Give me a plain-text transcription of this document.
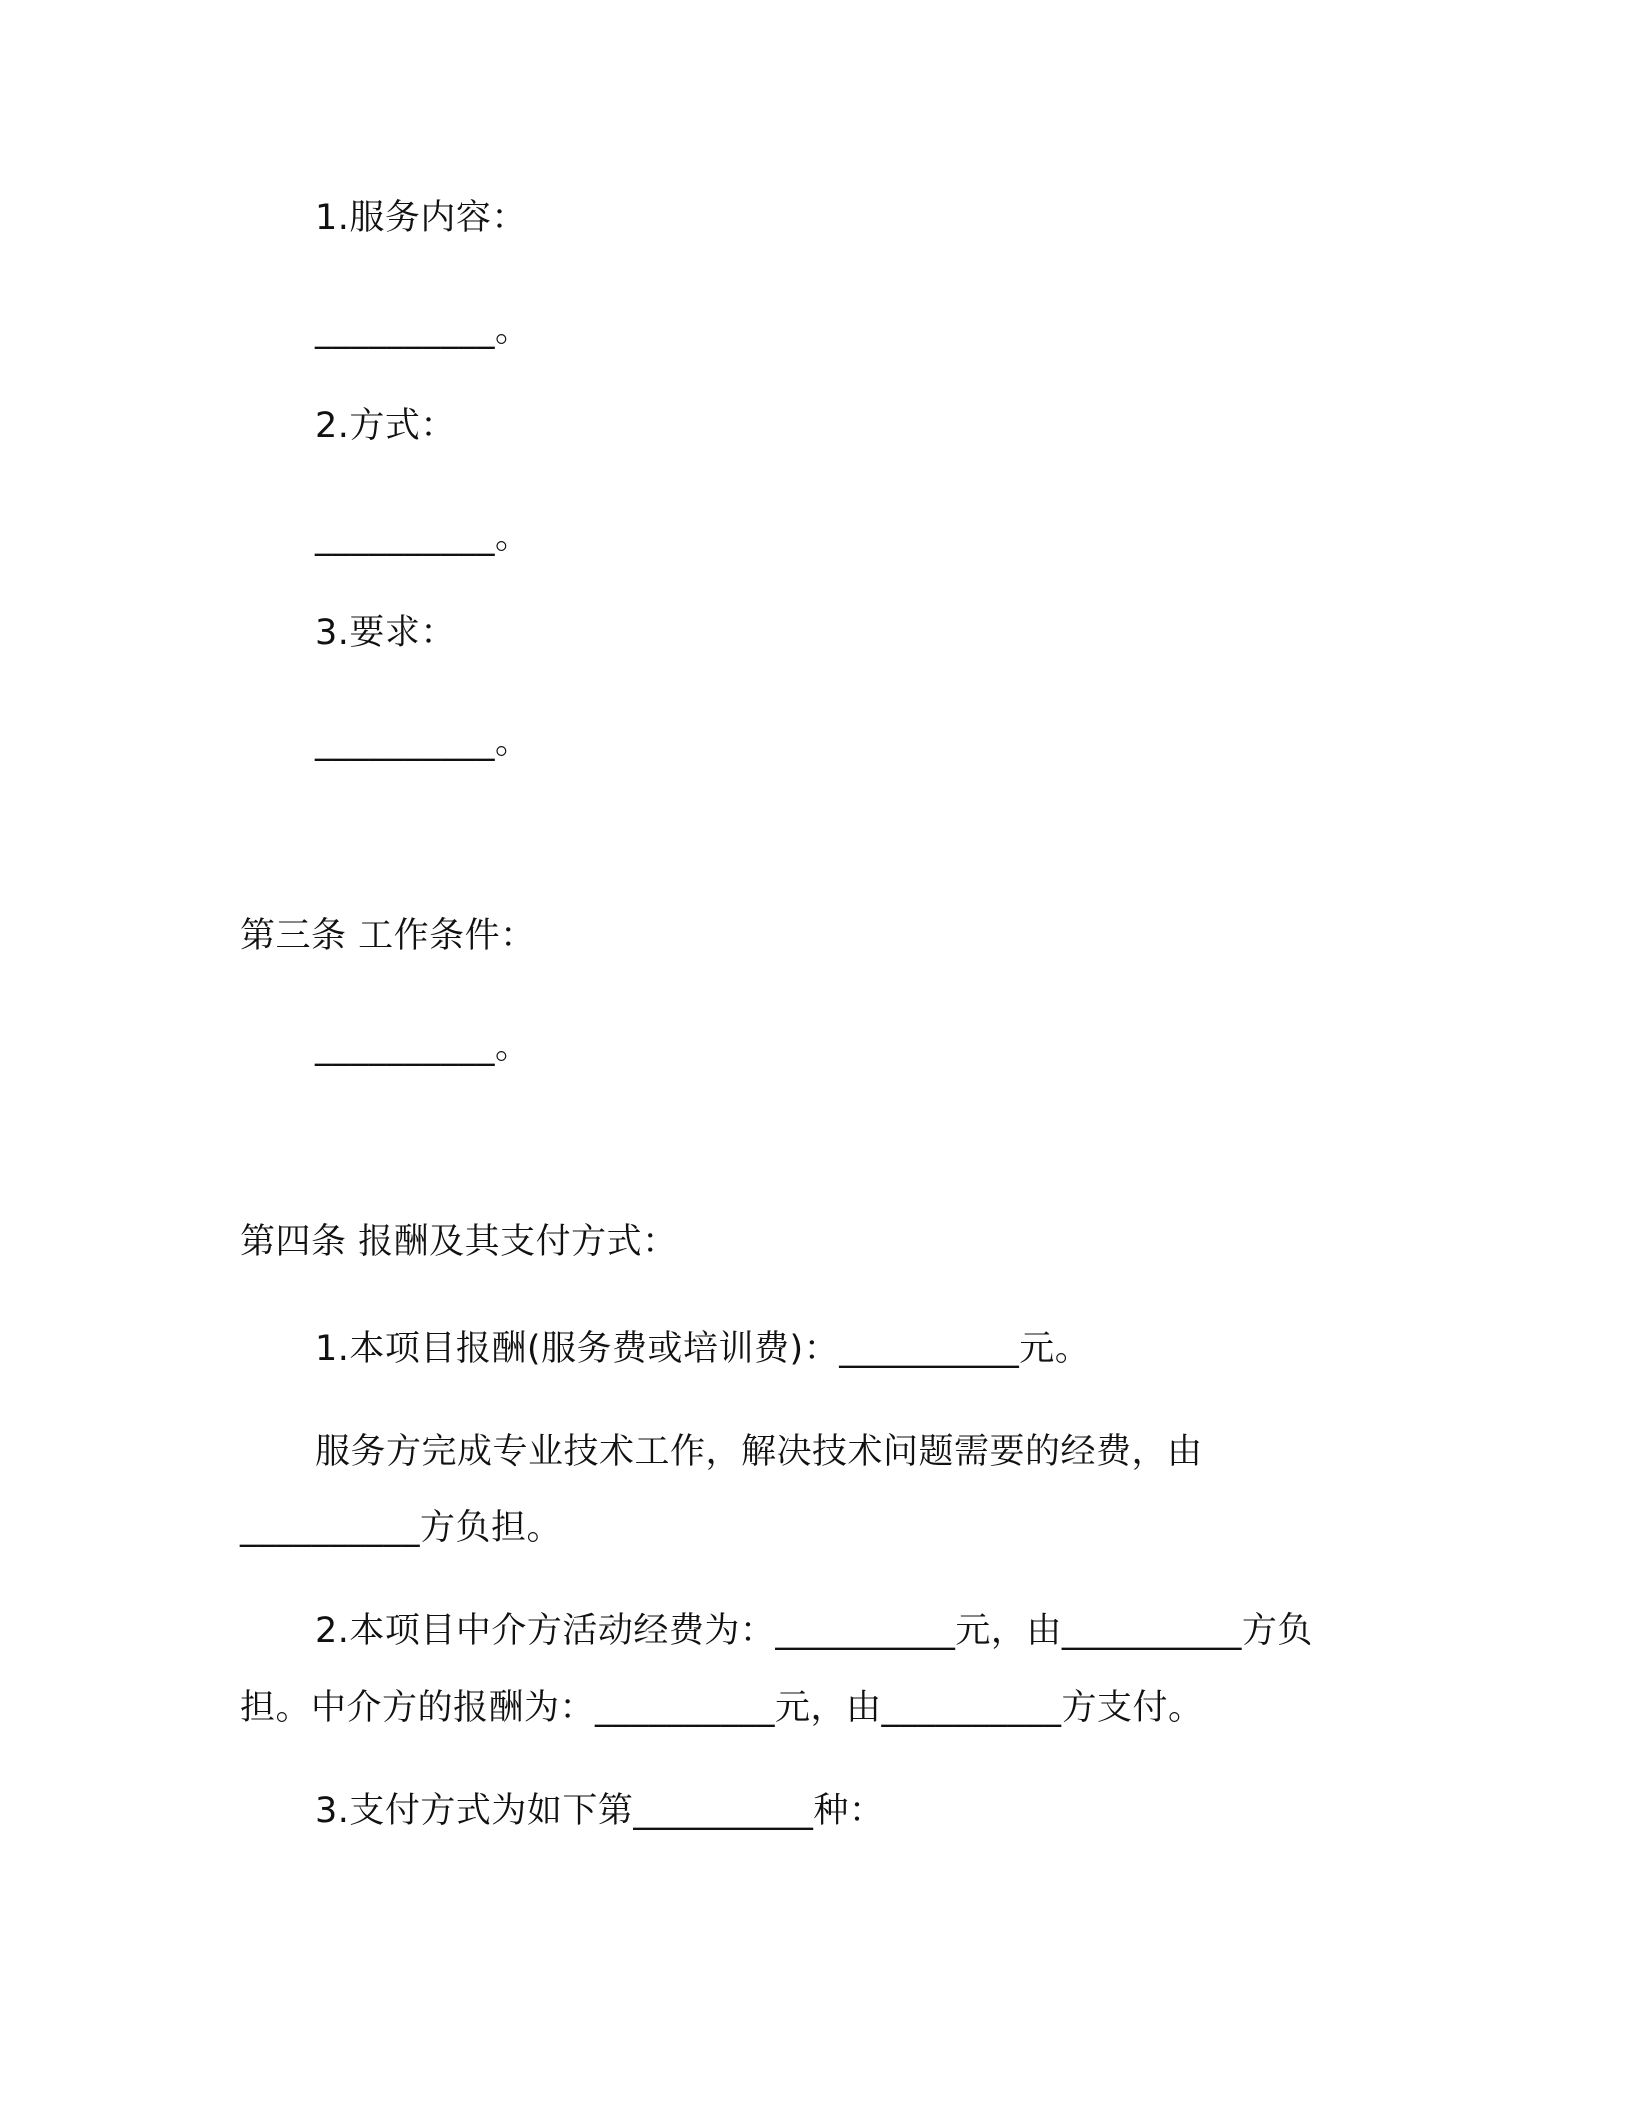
1.服务内容：
__________。
2.方式：
__________。
3.要求：
__________。
第三条 工作条件：
__________。
第四条 报酬及其支付方式：
1.本项目报酬(服务费或培训费)：__________元。
服务方完成专业技术工作，解决技术问题需要的经费，由
__________方负担。
2.本项目中介方活动经费为：__________元，由__________方负
担。中介方的报酬为：__________元，由__________方支付。
3.支付方式为如下第__________种：
